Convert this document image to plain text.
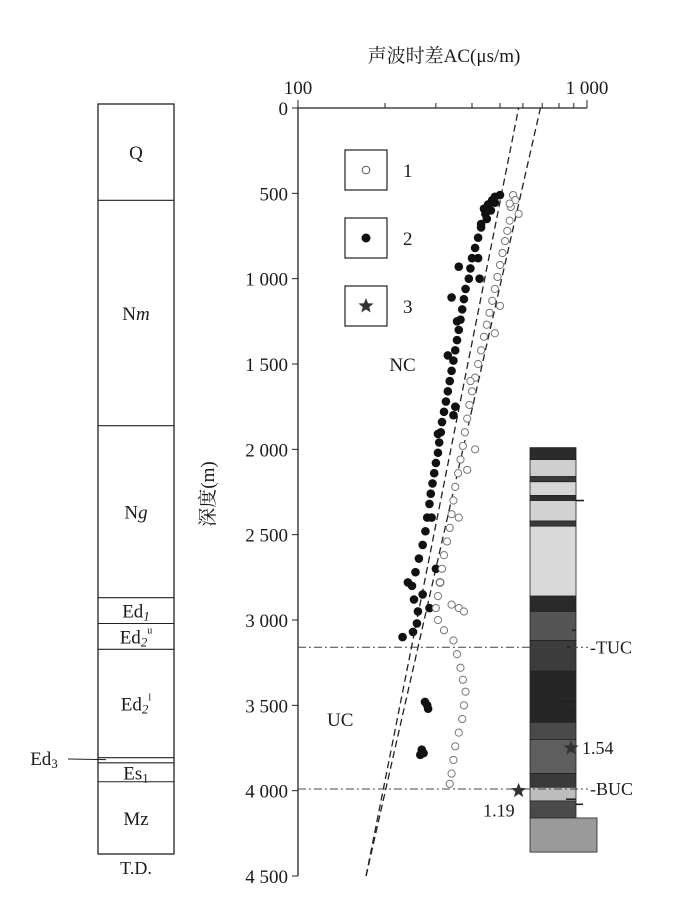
Q
Nm
Ng
Ed1
Ed2$^u$
Ed2$^l$
Ed3	Es1
Mz
0
500
1 000
1 500
2 000
2 500
3 000
3 500
4 000
4 500
-TUC
-BUC
1.54
1.19
NC
UC
1
2
3
声波时差AC(μs/m)
100	1 000
深度(m)
T.D.
